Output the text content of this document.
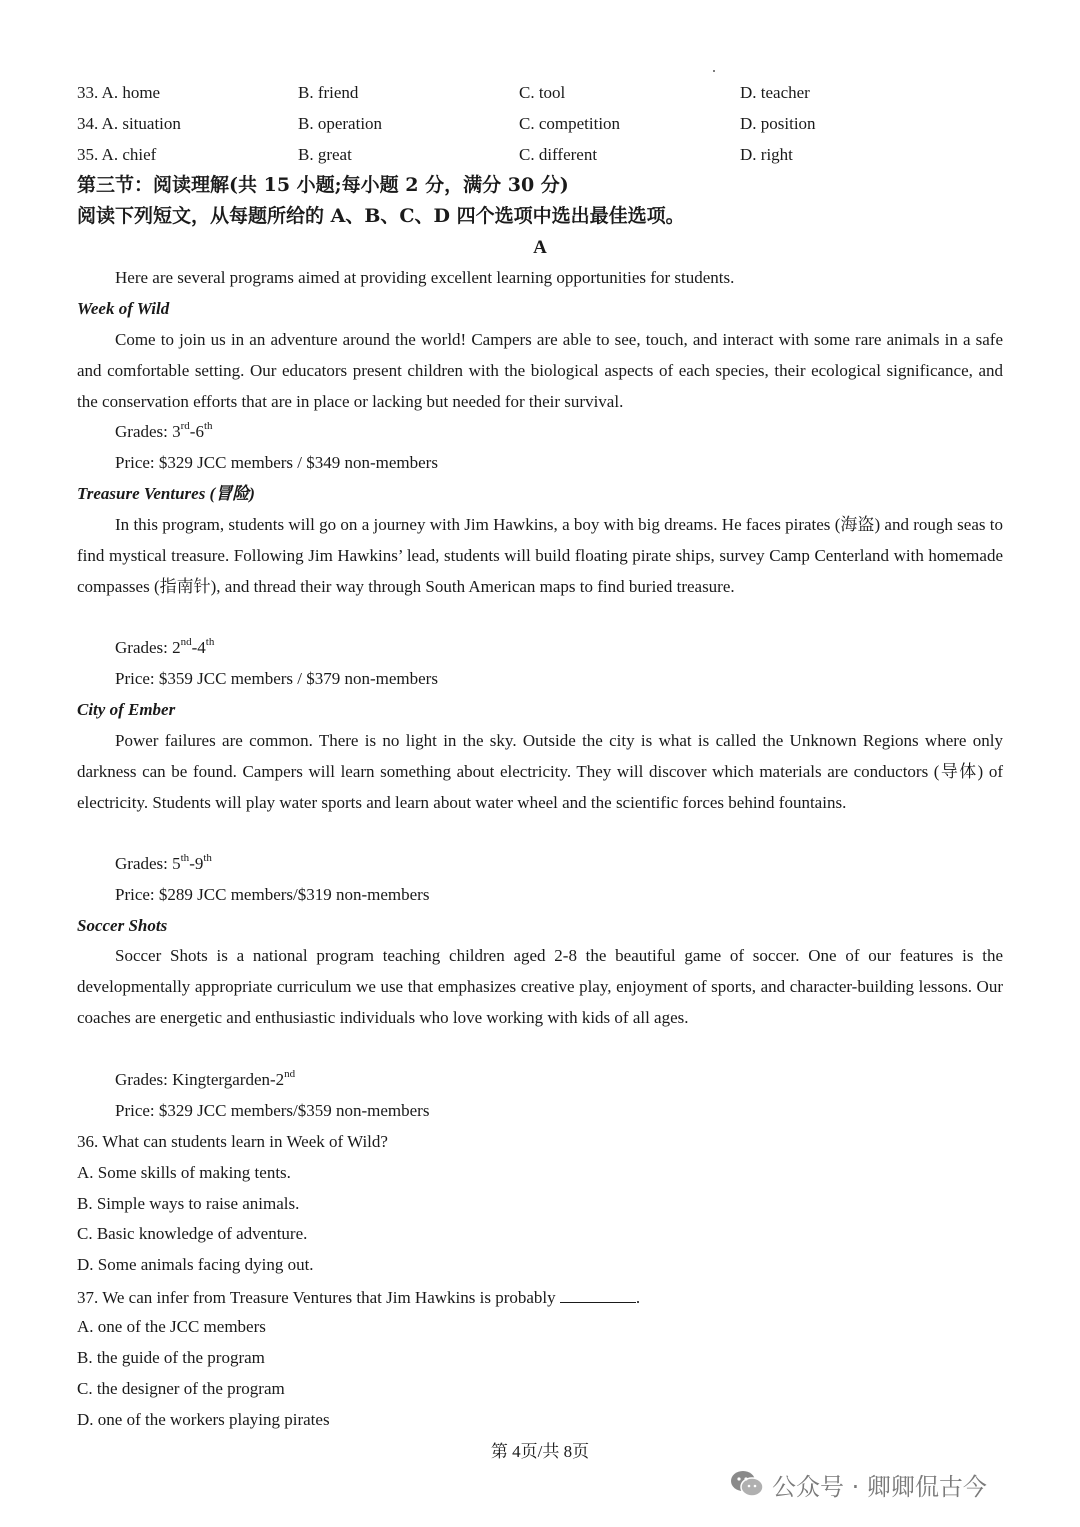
33. A. home	B. friend	C. tool	D. teacher
34. A. situation	B. operation	C. competition	D. position
35. A. chief	B. great	C. different	D. right
第三节：阅读理解(共 15 小题;每小题 2 分，满分 30 分)
阅读下列短文，从每题所给的 A、B、C、D 四个选项中选出最佳选项。
A
Here are several programs aimed at providing excellent learning opportunities for students.
Week of Wild
Come to join us in an adventure around the world! Campers are able to see, touch, and interact with some rare animals in a safe and comfortable setting. Our educators present children with the biological aspects of each species, their ecological significance, and the conservation efforts that are in place or lacking but needed for their survival.
Grades: 3rd-6th
Price: $329 JCC members / $349 non-members
Treasure Ventures (冒险)
In this program, students will go on a journey with Jim Hawkins, a boy with big dreams. He faces pirates (海盗) and rough seas to find mystical treasure. Following Jim Hawkins’ lead, students will build floating pirate ships, survey Camp Centerland with homemade compasses (指南针), and thread their way through South American maps to find buried treasure.
Grades: 2nd-4th
Price: $359 JCC members / $379 non-members
City of Ember
Power failures are common. There is no light in the sky. Outside the city is what is called the Unknown Regions where only darkness can be found. Campers will learn something about electricity. They will discover which materials are conductors (导体) of electricity. Students will play water sports and learn about water wheel and the scientific forces behind fountains.
Grades: 5th-9th
Price: $289 JCC members/$319 non-members
Soccer Shots
Soccer Shots is a national program teaching children aged 2-8 the beautiful game of soccer. One of our features is the developmentally appropriate curriculum we use that emphasizes creative play, enjoyment of sports, and character-building lessons. Our coaches are energetic and enthusiastic individuals who love working with kids of all ages.
Grades: Kingtergarden-2nd
Price: $329 JCC members/$359 non-members
36. What can students learn in Week of Wild?
A. Some skills of making tents.
B. Simple ways to raise animals.
C. Basic knowledge of adventure.
D. Some animals facing dying out.
37. We can infer from Treasure Ventures that Jim Hawkins is probably	.
A. one of the JCC members
B. the guide of the program
C. the designer of the program
D. one of the workers playing pirates
第 4页/共 8页
公众号 · 卿卿侃古今
